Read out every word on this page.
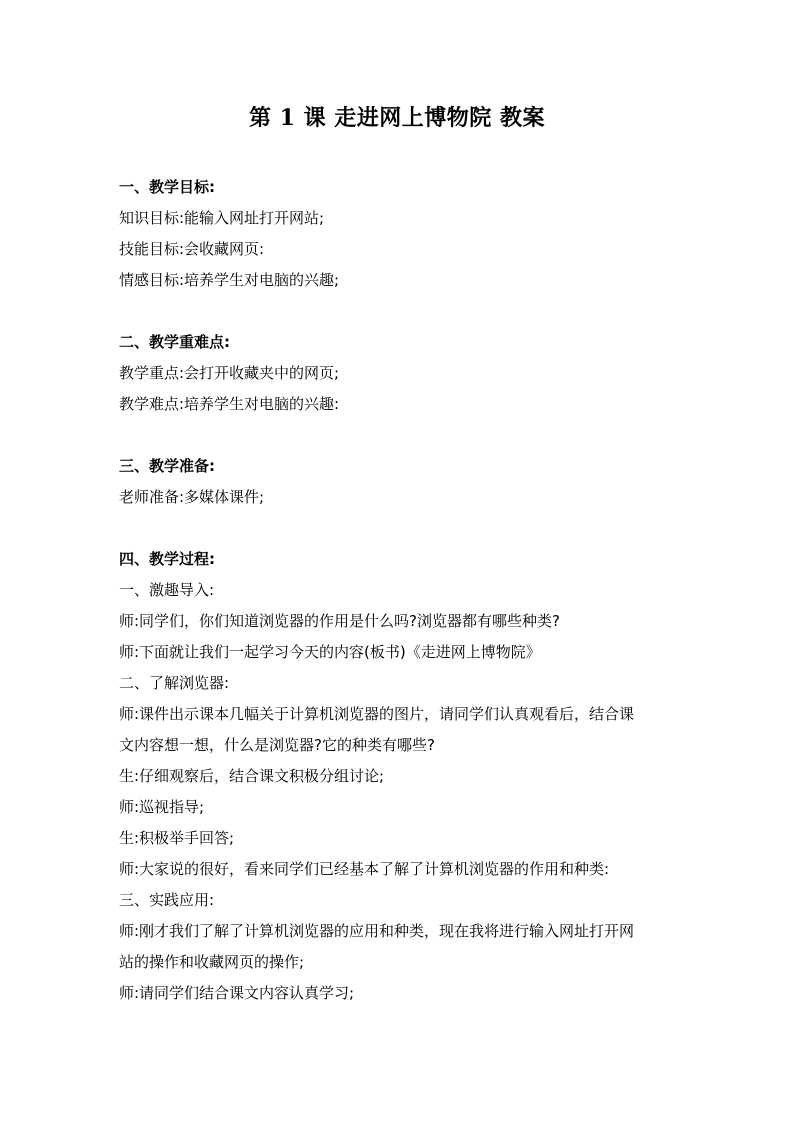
第 1 课 走进网上博物院 教案

一、教学目标:

知识目标:能输入网址打开网站;

技能目标:会收藏网页:

情感目标:培养学生对电脑的兴趣;

二、教学重难点:

教学重点:会打开收藏夹中的网页;

教学难点:培养学生对电脑的兴趣:

三、教学准备:

老师准备:多媒体课件;

四、教学过程:

一、激趣导入:

师:同学们，你们知道浏览器的作用是什么吗?浏览器都有哪些种类?

师:下面就让我们一起学习今天的内容(板书)《走进网上博物院》

二、了解浏览器:

师:课件出示课本几幅关于计算机浏览器的图片，请同学们认真观看后，结合课

文内容想一想，什么是浏览器?它的种类有哪些?

生:仔细观察后，结合课文积极分组讨论;

师:巡视指导;

生:积极举手回答;

师:大家说的很好，看来同学们已经基本了解了计算机浏览器的作用和种类:

三、实践应用:

师:刚才我们了解了计算机浏览器的应用和种类，现在我将进行输入网址打开网

站的操作和收藏网页的操作;

师:请同学们结合课文内容认真学习;
